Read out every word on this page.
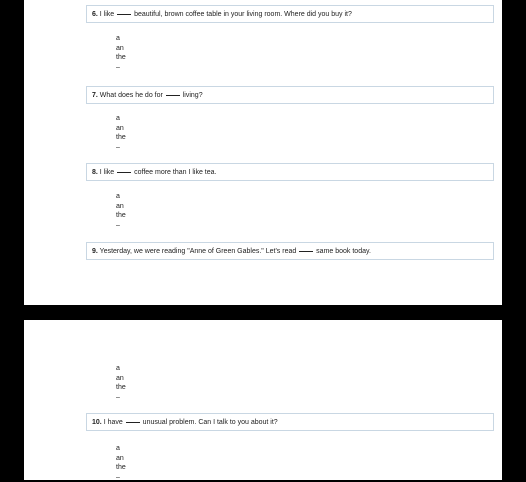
6. I like	beautiful, brown coffee table in your living room. Where did you buy it?
a
an
the
–
7. What does he do for	living?
a
an
the
–
8. I like	coffee more than I like tea.
a
an
the
–
9. Yesterday, we were reading "Anne of Green Gables." Let's read	same book today.
a
an
the
–
10. I have	unusual problem. Can I talk to you about it?
a
an
the
–
